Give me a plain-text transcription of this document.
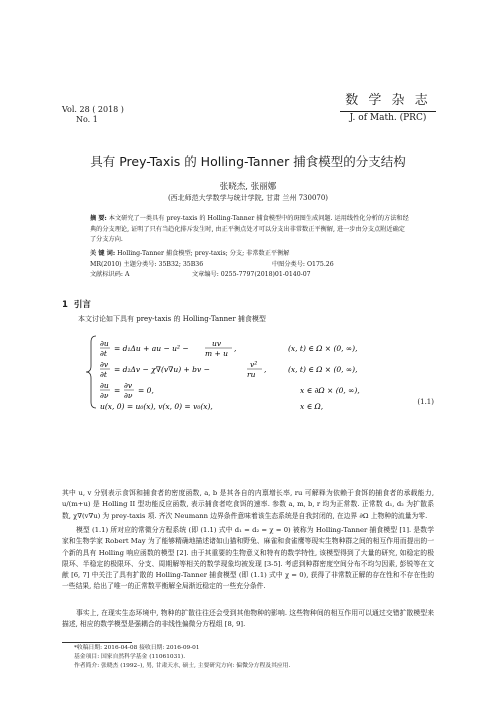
Vol. 28 ( 2018 )
No. 1
数 学 杂 志
J. of Math. (PRC)
具有 Prey-Taxis 的 Holling-Tanner 捕食模型的分支结构
张晓杰, 张丽娜
(西北师范大学数学与统计学院, 甘肃 兰州 730070)
摘 要: 本文研究了一类具有 prey-taxis 的 Holling-Tanner 捕食模型中的斑图生成问题. 运用线性化分析的方法和经典的分支理论, 证明了只有当趋化排斥发生时, 由正平衡点处才可以分支出非常数正平衡解, 进一步由分支点附近确定了分支方向.
关 键 词: Holling-Tanner 捕食模型; prey-taxis; 分支; 非常数正平衡解
MR(2010) 主题分类号: 35B32; 35B36	中图分类号: O175.26
文献标识码: A	文章编号: 0255-7797(2018)01-0140-07
1 引言
本文讨论如下具有 prey-taxis 的 Holling-Tanner 捕食模型
∂u
∂t
= d₁Δu + au − u² −
uv
m + u
,	(x, t) ∈ Ω × (0, ∞),
∂v
∂t
= d₂Δv − χ∇(v∇u) + bv −
v²
ru
,	(x, t) ∈ Ω × (0, ∞),
∂u
∂ν
=
∂v
∂ν
= 0,	x ∈ ∂Ω × (0, ∞),
u(x, 0) = u₀(x), v(x, 0) = v₀(x),	x ∈ Ω,	(1.1)
其中 u, v 分别表示食饵和捕食者的密度函数, a, b 是其各自的内禀增长率, ru 可解释为依赖于食饵的捕食者的承载能力, u/(m+u) 是 Holling II 型功能反应函数, 表示捕食者吃食饵的速率. 参数 a, m, b, r 均为正常数. 正常数 d₁, d₂ 为扩散系数, χ∇(v∇u) 为 prey-taxis 项. 齐次 Neumann 边界条件意味着该生态系统是自我封闭的, 在边界 ∂Ω 上物种的流量为零.
模型 (1.1) 所对应的常微分方程系统 (即 (1.1) 式中 d₁ = d₂ = χ = 0) 被称为 Holling-Tanner 捕食模型 [1]. 是数学家和生物学家 Robert May 为了能够精确地描述诸如山猫和野兔、麻雀和食雀鹰等现实生物种群之间的相互作用而提出的一个新的具有 Holling 响应函数的模型 [2]. 由于其重要的生物意义和特有的数学特性, 该模型得到了大量的研究, 如稳定的极限环、半稳定的极限环、分支、周期解等相关的数学现象均被发现 [3-5]. 考虑到种群密度空间分布不均匀因素, 彭锐等在文献 [6, 7] 中关注了具有扩散的 Holling-Tanner 捕食模型 (即 (1.1) 式中 χ = 0), 获得了非常数正解的存在性和不存在性的一些结果, 给出了唯一的正常数平衡解全局渐近稳定的一些充分条件.
事实上, 在现实生态环境中, 物种的扩散往往还会受到其他物种的影响. 这些物种间的相互作用可以通过交错扩散模型来描述, 相应的数学模型是强耦合的非线性偏微分方程组 [8, 9].
*收稿日期: 2016-04-08 接收日期: 2016-09-01
基金项目: 国家自然科学基金 (11061031).
作者简介: 张晓杰 (1992–), 男, 甘肃天水, 硕士, 主要研究方向: 偏微分方程及其应用.
